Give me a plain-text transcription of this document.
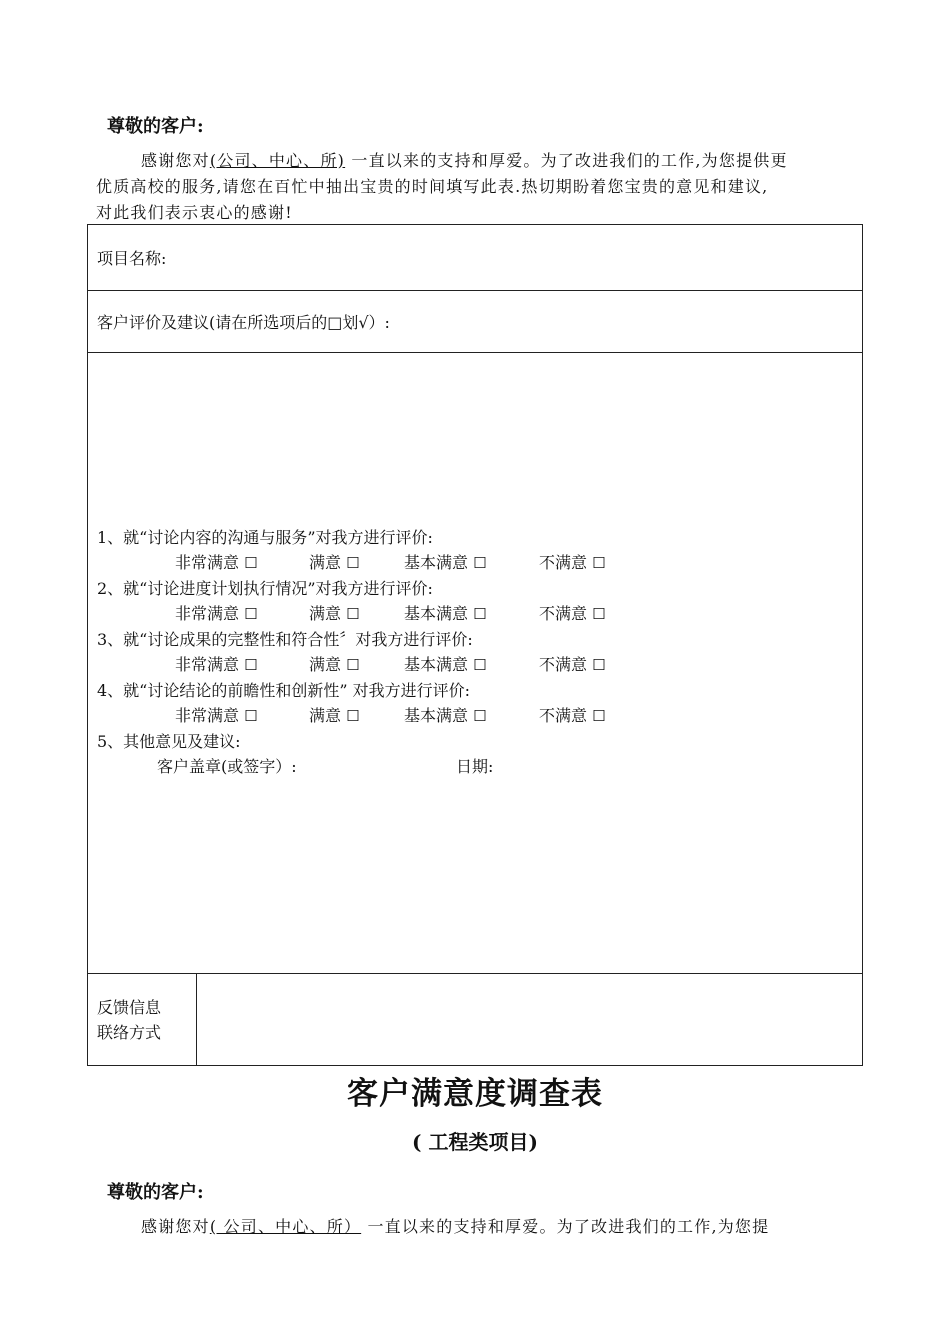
尊敬的客户:
感谢您对(公司、中心、所) 一直以来的支持和厚爱。为了改进我们的工作,为您提供更
优质高校的服务,请您在百忙中抽出宝贵的时间填写此表.热切期盼着您宝贵的意见和建议,
对此我们表示衷心的感谢!
项目名称:

客户评价及建议(请在所选项后的□划√）:

1、就“讨论内容的沟通与服务”对我方进行评价:
非常满意 ☐	满意 ☐	基本满意 ☐	不满意 ☐
2、就“讨论进度计划执行情况”对我方进行评价:
非常满意 ☐	满意 ☐	基本满意 ☐	不满意 ☐
3、就“讨论成果的完整性和符合性〞对我方进行评价:
非常满意 ☐	满意 ☐	基本满意 ☐	不满意 ☐
4、就“讨论结论的前瞻性和创新性” 对我方进行评价:
非常满意 ☐	满意 ☐	基本满意 ☐	不满意 ☐
5、其他意见及建议:
客户盖章(或签字）:	日期:

反馈信息
联络方式

客户满意度调查表
( 工程类项目)
尊敬的客户:
感谢您对( 公司、中心、所） 一直以来的支持和厚爱。为了改进我们的工作,为您提
